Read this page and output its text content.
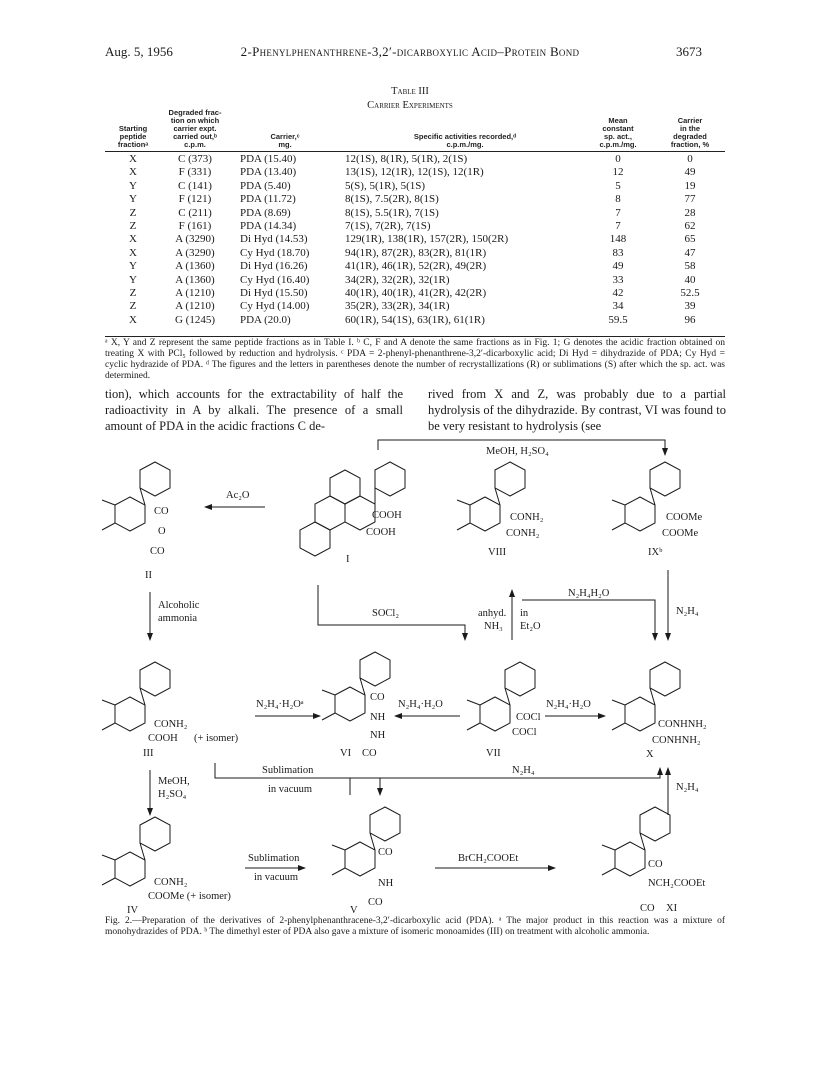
Aug. 5, 1956	2-Phenylphenanthrene-3,2′-dicarboxylic Acid–Protein Bond	3673
Table III
Carrier Experiments
Starting
peptide
fractionᵃ
Degraded frac-
tion on which
carrier expt.
carried out,ᵇ
c.p.m.
Carrier,ᶜ
mg.
Specific activities recorded,ᵈ
c.p.m./mg.
Mean
constant
sp. act.,
c.p.m./mg.
Carrier
in the
degraded
fraction, %
X	C (373)	PDA (15.40)	12(1S), 8(1R), 5(1R), 2(1S)	0	0
X	F (331)	PDA (13.40)	13(1S), 12(1R), 12(1S), 12(1R)	12	49
Y	C (141)	PDA (5.40)	5(S), 5(1R), 5(1S)	5	19
Y	F (121)	PDA (11.72)	8(1S), 7.5(2R), 8(1S)	8	77
Z	C (211)	PDA (8.69)	8(1S), 5.5(1R), 7(1S)	7	28
Z	F (161)	PDA (14.34)	7(1S), 7(2R), 7(1S)	7	62
X	A (3290)	Di Hyd (14.53)	129(1R), 138(1R), 157(2R), 150(2R)	148	65
X	A (3290)	Cy Hyd (18.70)	94(1R), 87(2R), 83(2R), 81(1R)	83	47
Y	A (1360)	Di Hyd (16.26)	41(1R), 46(1R), 52(2R), 49(2R)	49	58
Y	A (1360)	Cy Hyd (16.40)	34(2R), 32(2R), 32(1R)	33	40
Z	A (1210)	Di Hyd (15.50)	40(1R), 40(1R), 41(2R), 42(2R)	42	52.5
Z	A (1210)	Cy Hyd (14.00)	35(2R), 33(2R), 34(1R)	34	39
X	G (1245)	PDA (20.0)	60(1R), 54(1S), 63(1R), 61(1R)	59.5	96
ᵃ X, Y and Z represent the same peptide fractions as in Table I. ᵇ C, F and A denote the same fractions as in Fig. 1; G denotes the acidic fraction obtained on treating X with PCl₅ followed by reduction and hydrolysis. ᶜ PDA = 2-phenyl-phenanthrene-3,2′-dicarboxylic acid; Di Hyd = dihydrazide of PDA; Cy Hyd = cyclic hydrazide of PDA. ᵈ The figures and the letters in parentheses denote the number of recrystallizations (R) or sublimations (S) after which the sp. act. was determined.
tion), which accounts for the extractability of half the radioactivity in A by alkali. The presence of a small amount of PDA in the acidic fractions C de-
rived from X and Z, was probably due to a partial hydrolysis of the dihydrazide. By contrast, VI was found to be very resistant to hydrolysis (see
MeOH, H₂SO₄
Ac₂O
CO
O
CO
II
COOH
COOH
I
CONH₂
CONH₂
VIII
COOMe
COOMe
IXᵇ
Alcoholic
ammonia	SOCl₂	anhyd.
NH₃
in
Et₂O
N₂H₄H₂O
N₂H₄
N₂H₄·H₂Oᵃ	N₂H₄·H₂O	N₂H₄·H₂O
CONH₂
COOH (+ isomer)
III
CO
NH
NH
CO
VI
COCl
COCl
VII
CONHNH₂
CONHNH₂
X
MeOH,
H₂SO₄
Sublimation
in vacuum
N₂H₄
N₂H₄
Sublimation
in vacuum
BrCH₂COOEt
CONH₂
COOMe (+ isomer)
IV
CO
NH
CO
V
CO
NCH₂COOEt
CO XI
Fig. 2.—Preparation of the derivatives of 2-phenylphenanthracene-3,2′-dicarboxylic acid (PDA). ᵃ The major product in this reaction was a mixture of monohydrazides of PDA. ᵇ The dimethyl ester of PDA also gave a mixture of isomeric monoamides (III) on treatment with alcoholic ammonia.
